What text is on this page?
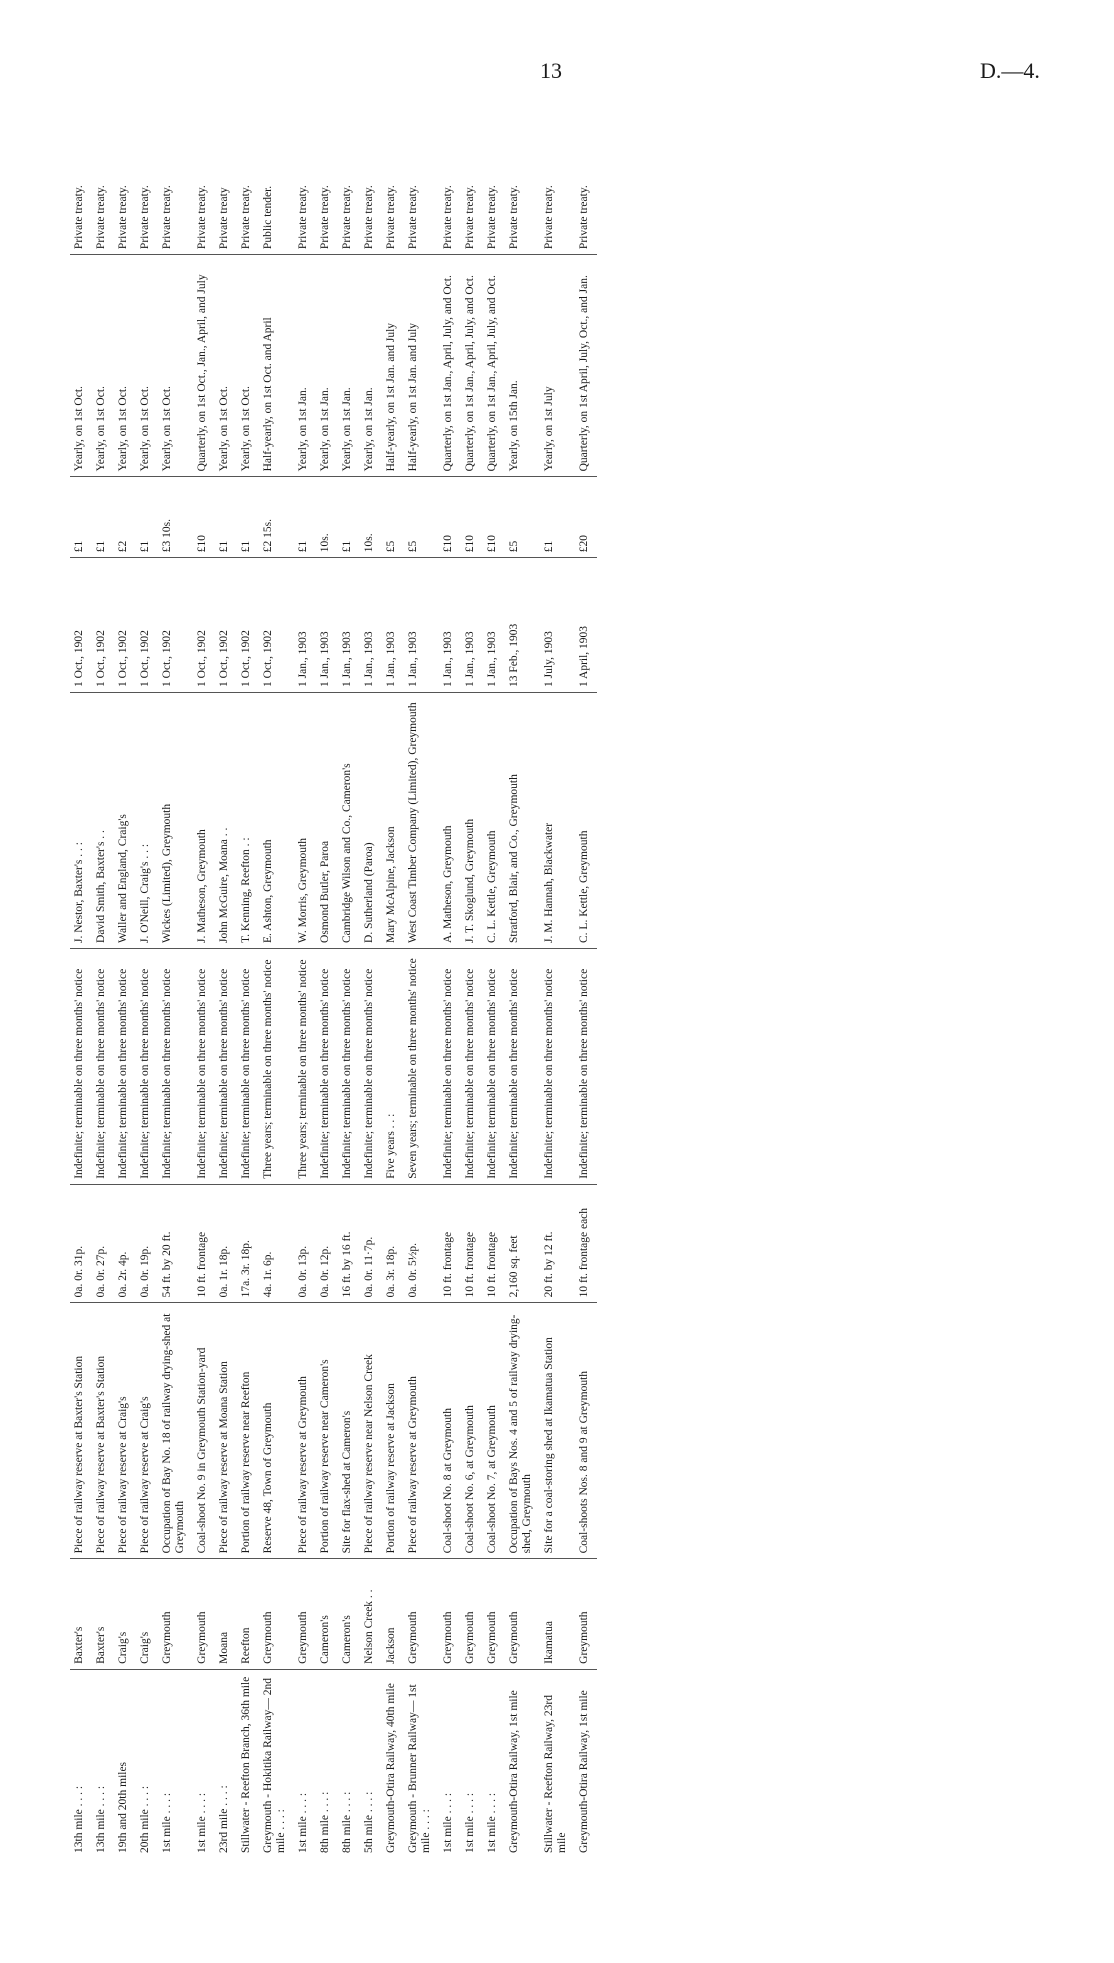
13	D.—4.
13th mile . . . :	Baxter's	Piece of railway reserve at Baxter's Station	0a. 0r. 31p.	Indefinite; terminable on three months' notice	J. Nestor, Baxter's . . :	1 Oct., 1902	£1	Yearly, on 1st Oct.	Private treaty.
13th mile . . . :	Baxter's	Piece of railway reserve at Baxter's Station	0a. 0r. 27p.	Indefinite; terminable on three months' notice	David Smith, Baxter's . .	1 Oct., 1902	£1	Yearly, on 1st Oct.	Private treaty.
19th and 20th miles	Craig's	Piece of railway reserve at Craig's	0a. 2r. 4p.	Indefinite; terminable on three months' notice	Waller and England, Craig's	1 Oct., 1902	£2	Yearly, on 1st Oct.	Private treaty.
20th mile . . . :	Craig's	Piece of railway reserve at Craig's	0a. 0r. 19p.	Indefinite; terminable on three months' notice	J. O'Neill, Craig's . . :	1 Oct., 1902	£1	Yearly, on 1st Oct.	Private treaty.
1st mile . . . :	Greymouth	Occupation of Bay No. 18 of railway drying-shed at Greymouth	54 ft. by 20 ft.	Indefinite; terminable on three months' notice	Wickes (Limited), Greymouth	1 Oct., 1902	£3 10s.	Yearly, on 1st Oct.	Private treaty.
1st mile . . . :	Greymouth	Coal-shoot No. 9 in Greymouth Station-yard	10 ft. frontage	Indefinite; terminable on three months' notice	J. Matheson, Greymouth	1 Oct., 1902	£10	Quarterly, on 1st Oct., Jan., April, and July	Private treaty.
23rd mile . . . :	Moana	Piece of railway reserve at Moana Station	0a. 1r. 18p.	Indefinite; terminable on three months' notice	John McGuire, Moana . .	1 Oct., 1902	£1	Yearly, on 1st Oct.	Private treaty
Stillwater - Reefton Branch, 36th mile	Reefton	Portion of railway reserve near Reefton	17a. 3r. 18p.	Indefinite; terminable on three months' notice	T. Kenning, Reefton . :	1 Oct., 1902	£1	Yearly, on 1st Oct.	Private treaty.
Greymouth - Hokitika Railway— 2nd mile . . . :	Greymouth	Reserve 48, Town of Greymouth	4a. 1r. 6p.	Three years; terminable on three months' notice	E. Ashton, Greymouth	1 Oct., 1902	£2 15s.	Half-yearly, on 1st Oct. and April	Public tender.
1st mile . . . :	Greymouth	Piece of railway reserve at Greymouth	0a. 0r. 13p.	Three years; terminable on three months' notice	W. Morris, Greymouth	1 Jan., 1903	£1	Yearly, on 1st Jan.	Private treaty.
8th mile . . . :	Cameron's	Portion of railway reserve near Cameron's	0a. 0r. 12p.	Indefinite; terminable on three months' notice	Osmond Butler, Paroa	1 Jan., 1903	10s.	Yearly, on 1st Jan.	Private treaty.
8th mile . . . :	Cameron's	Site for flax-shed at Cameron's	16 ft. by 16 ft.	Indefinite; terminable on three months' notice	Cambridge Wilson and Co., Cameron's	1 Jan., 1903	£1	Yearly, on 1st Jan.	Private treaty.
5th mile . . . :	Nelson Creek . .	Piece of railway reserve near Nelson Creek	0a. 0r. 11·7p.	Indefinite; terminable on three months' notice	D. Sutherland (Paroa)	1 Jan., 1903	10s.	Yearly, on 1st Jan.	Private treaty.
Greymouth-Otira Railway, 40th mile	Jackson	Portion of railway reserve at Jackson	0a. 3r. 18p.	Five years . . :	Mary McAlpine, Jackson	1 Jan., 1903	£5	Half-yearly, on 1st Jan. and July	Private treaty.
Greymouth - Brunner Railway— 1st mile . . . :	Greymouth	Piece of railway reserve at Greymouth	0a. 0r. 5½p.	Seven years; terminable on three months' notice	West Coast Timber Company (Limited), Greymouth	1 Jan., 1903	£5	Half-yearly, on 1st Jan. and July	Private treaty.
1st mile . . . :	Greymouth	Coal-shoot No. 8 at Greymouth	10 ft. frontage	Indefinite; terminable on three months' notice	A. Matheson, Greymouth	1 Jan., 1903	£10	Quarterly, on 1st Jan., April, July, and Oct.	Private treaty.
1st mile . . . :	Greymouth	Coal-shoot No. 6, at Greymouth	10 ft. frontage	Indefinite; terminable on three months' notice	J. T. Skoglund, Greymouth	1 Jan., 1903	£10	Quarterly, on 1st Jan., April, July, and Oct.	Private treaty.
1st mile . . . :	Greymouth	Coal-shoot No. 7, at Greymouth	10 ft. frontage	Indefinite; terminable on three months' notice	C. L. Kettle, Greymouth	1 Jan., 1903	£10	Quarterly, on 1st Jan., April, July, and Oct.	Private treaty.
Greymouth-Otira Railway, 1st mile	Greymouth	Occupation of Bays Nos. 4 and 5 of railway drying-shed, Greymouth	2,160 sq. feet	Indefinite; terminable on three months' notice	Stratford, Blair, and Co., Greymouth	13 Feb., 1903	£5	Yearly, on 15th Jan.	Private treaty.
Stillwater - Reefton Railway, 23rd mile	Ikamatua	Site for a coal-storing shed at Ikamatua Station	20 ft. by 12 ft.	Indefinite; terminable on three months' notice	J. M. Hannah, Blackwater	1 July, 1903	£1	Yearly, on 1st July	Private treaty.
Greymouth-Otira Railway, 1st mile	Greymouth	Coal-shoots Nos. 8 and 9 at Greymouth	10 ft. frontage each	Indefinite; terminable on three months' notice	C. L. Kettle, Greymouth	1 April, 1903	£20	Quarterly, on 1st April, July, Oct., and Jan.	Private treaty.
